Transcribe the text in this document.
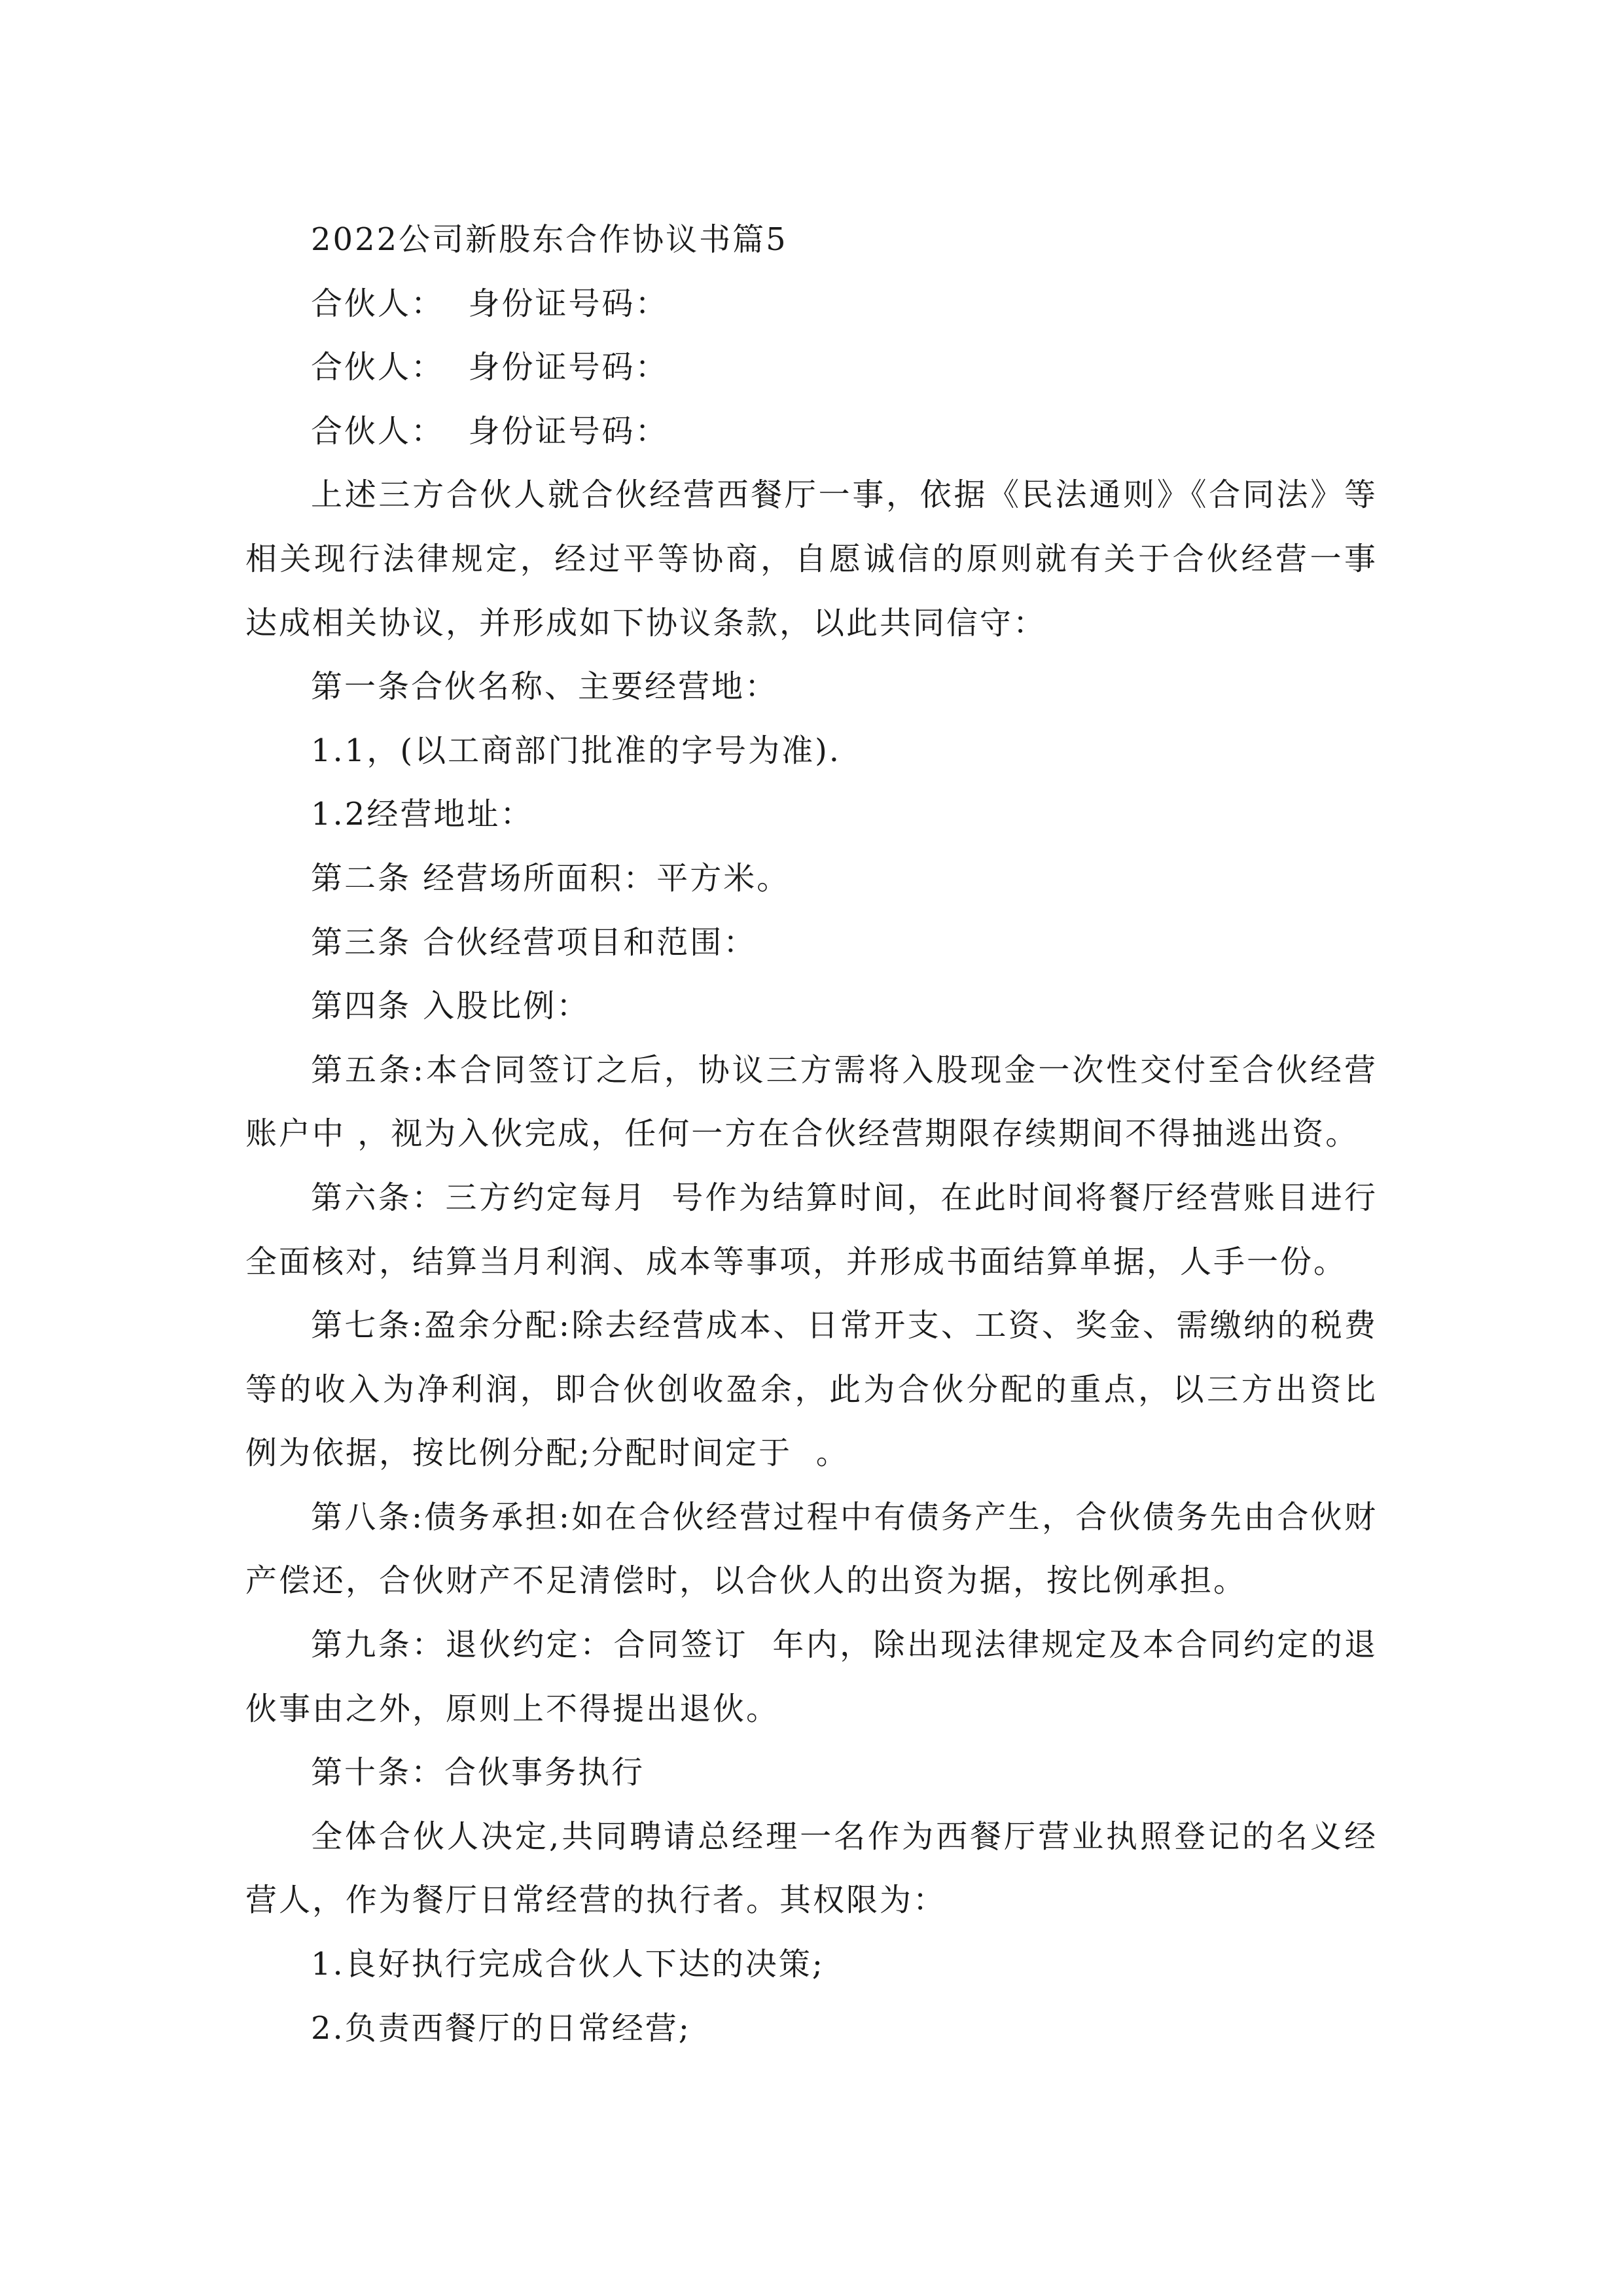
2022公司新股东合作协议书篇5

合伙人：  身份证号码：

合伙人：  身份证号码：

合伙人：  身份证号码：

上述三方合伙人就合伙经营西餐厅一事，依据《民法通则》《合同法》等相关现行法律规定，经过平等协商，自愿诚信的原则就有关于合伙经营一事达成相关协议，并形成如下协议条款，以此共同信守：

第一条合伙名称、主要经营地：

1.1，(以工商部门批准的字号为准).

1.2经营地址：

第二条 经营场所面积：平方米。

第三条 合伙经营项目和范围：

第四条 入股比例：

第五条:本合同签订之后，协议三方需将入股现金一次性交付至合伙经营账户中 ，视为入伙完成，任何一方在合伙经营期限存续期间不得抽逃出资。

第六条：三方约定每月  号作为结算时间，在此时间将餐厅经营账目进行全面核对，结算当月利润、成本等事项，并形成书面结算单据，人手一份。

第七条:盈余分配:除去经营成本、日常开支、工资、奖金、需缴纳的税费等的收入为净利润，即合伙创收盈余，此为合伙分配的重点，以三方出资比例为依据，按比例分配;分配时间定于  。

第八条:债务承担:如在合伙经营过程中有债务产生，合伙债务先由合伙财产偿还，合伙财产不足清偿时，以合伙人的出资为据，按比例承担。

第九条：退伙约定：合同签订  年内，除出现法律规定及本合同约定的退伙事由之外，原则上不得提出退伙。

第十条：合伙事务执行

全体合伙人决定,共同聘请总经理一名作为西餐厅营业执照登记的名义经营人，作为餐厅日常经营的执行者。其权限为：

1.良好执行完成合伙人下达的决策;

2.负责西餐厅的日常经营;
